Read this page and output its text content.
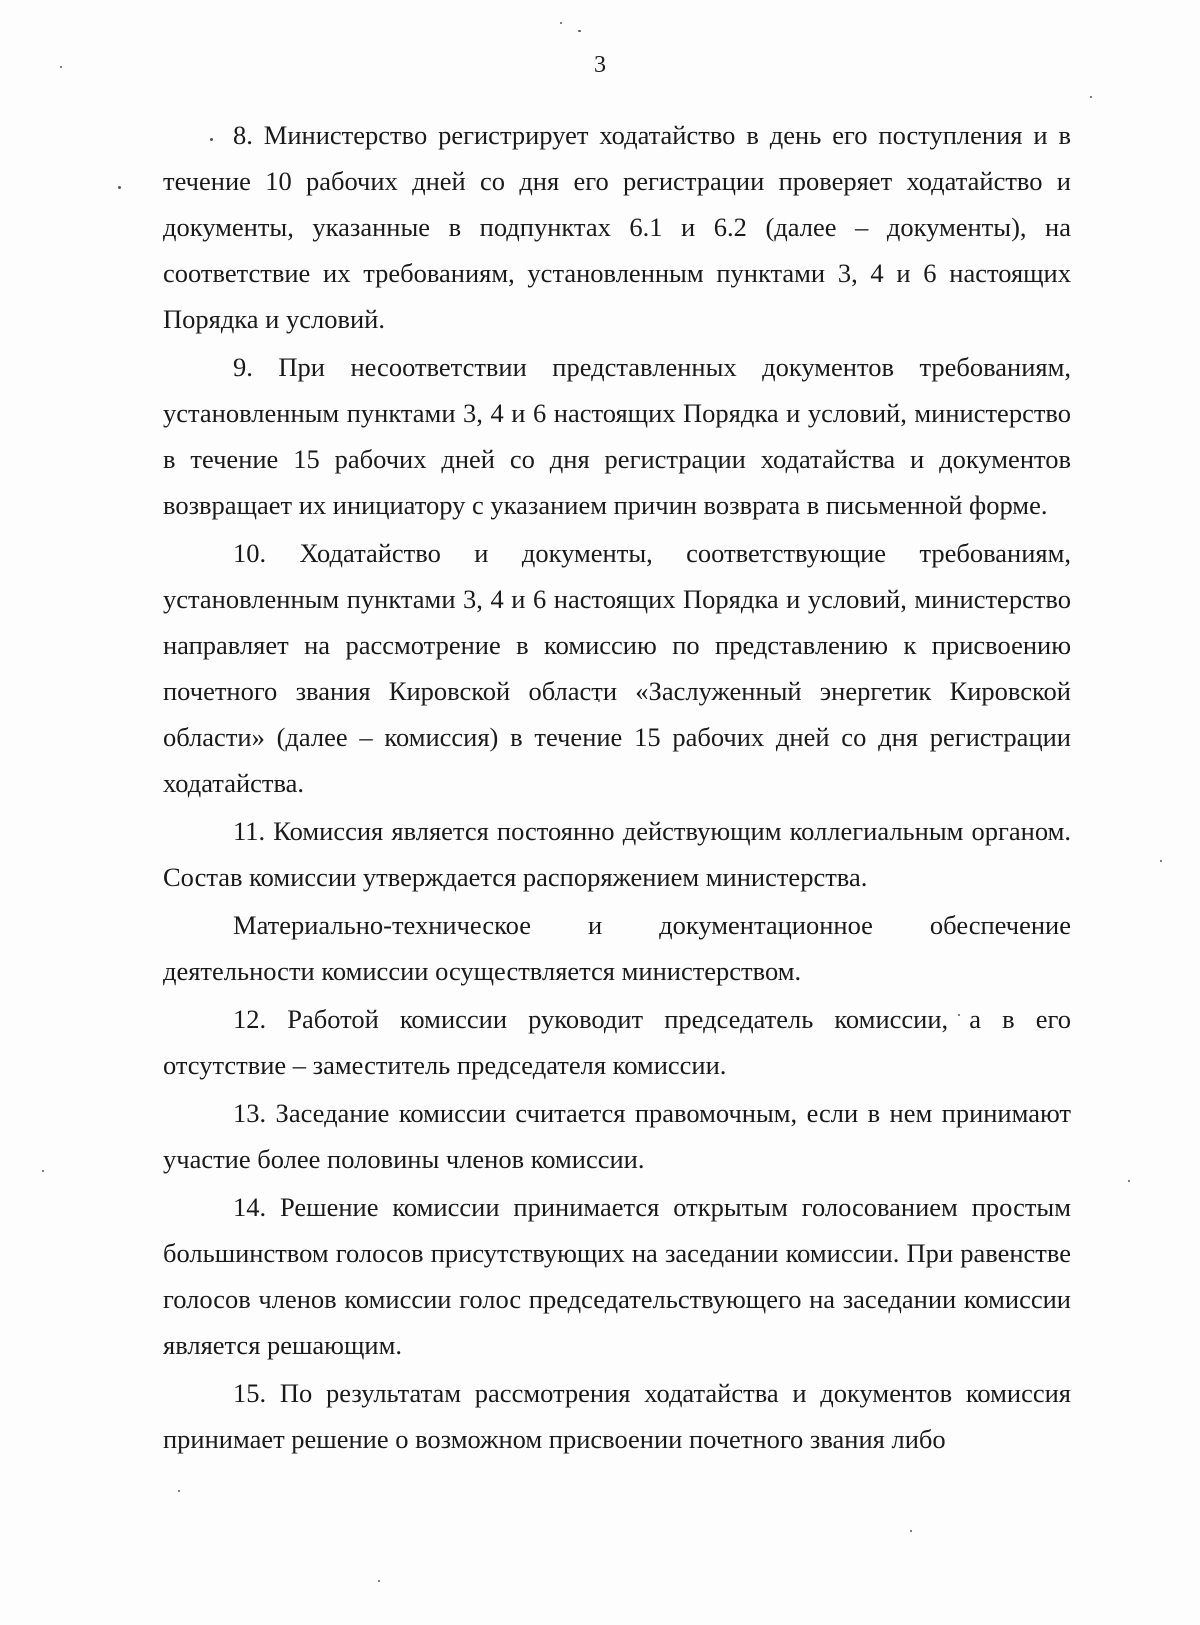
3

8. Министерство регистрирует ходатайство в день его поступления и в течение 10 рабочих дней со дня его регистрации проверяет ходатайство и документы, указанные в подпунктах 6.1 и 6.2 (далее – документы), на соответствие их требованиям, установленным пунктами 3, 4 и 6 настоящих Порядка и условий.

9. При несоответствии представленных документов требованиям, установленным пунктами 3, 4 и 6 настоящих Порядка и условий, министерство в течение 15 рабочих дней со дня регистрации ходатайства и документов возвращает их инициатору с указанием причин возврата в письменной форме.

10. Ходатайство и документы, соответствующие требованиям, установленным пунктами 3, 4 и 6 настоящих Порядка и условий, министерство направляет на рассмотрение в комиссию по представлению к присвоению почетного звания Кировской области «Заслуженный энергетик Кировской области» (далее – комиссия) в течение 15 рабочих дней со дня регистрации ходатайства.

11. Комиссия является постоянно действующим коллегиальным органом. Состав комиссии утверждается распоряжением министерства.

Материально-техническое и документационное обеспечение деятельности комиссии осуществляется министерством.

12. Работой комиссии руководит председатель комиссии, а в его отсутствие – заместитель председателя комиссии.

13. Заседание комиссии считается правомочным, если в нем принимают участие более половины членов комиссии.

14. Решение комиссии принимается открытым голосованием простым большинством голосов присутствующих на заседании комиссии. При равенстве голосов членов комиссии голос председательствующего на заседании комиссии является решающим.

15. По результатам рассмотрения ходатайства и документов комиссия принимает решение о возможном присвоении почетного звания либо
